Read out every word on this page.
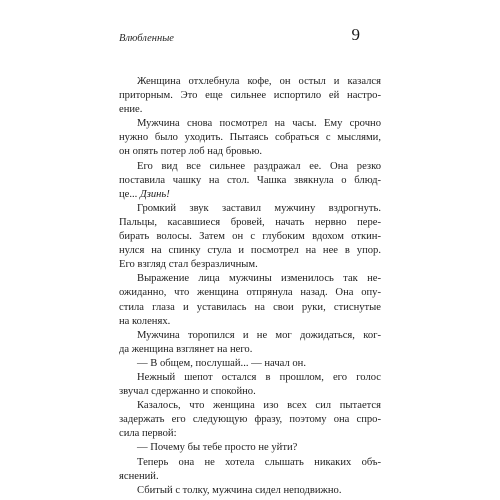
Влюбленные	9
Женщина отхлебнула кофе, он остыл и казался
приторным. Это еще сильнее испортило ей настро-
ение.
Мужчина снова посмотрел на часы. Ему срочно
нужно было уходить. Пытаясь собраться с мыслями,
он опять потер лоб над бровью.
Его вид все сильнее раздражал ее. Она резко
поставила чашку на стол. Чашка звякнула о блюд-
це... Дзинь!
Громкий звук заставил мужчину вздрогнуть.
Пальцы, касавшиеся бровей, начать нервно пере-
бирать волосы. Затем он с глубоким вдохом откин-
нулся на спинку стула и посмотрел на нее в упор.
Его взгляд стал безразличным.
Выражение лица мужчины изменилось так не-
ожиданно, что женщина отпрянула назад. Она опу-
стила глаза и уставилась на свои руки, стиснутые
на коленях.
Мужчина торопился и не мог дожидаться, ког-
да женщина взглянет на него.
— В общем, послушай... — начал он.
Нежный шепот остался в прошлом, его голос
звучал сдержанно и спокойно.
Казалось, что женщина изо всех сил пытается
задержать его следующую фразу, поэтому она спро-
сила первой:
— Почему бы тебе просто не уйти?
Теперь она не хотела слышать никаких объ-
яснений.
Сбитый с толку, мужчина сидел неподвижно.
